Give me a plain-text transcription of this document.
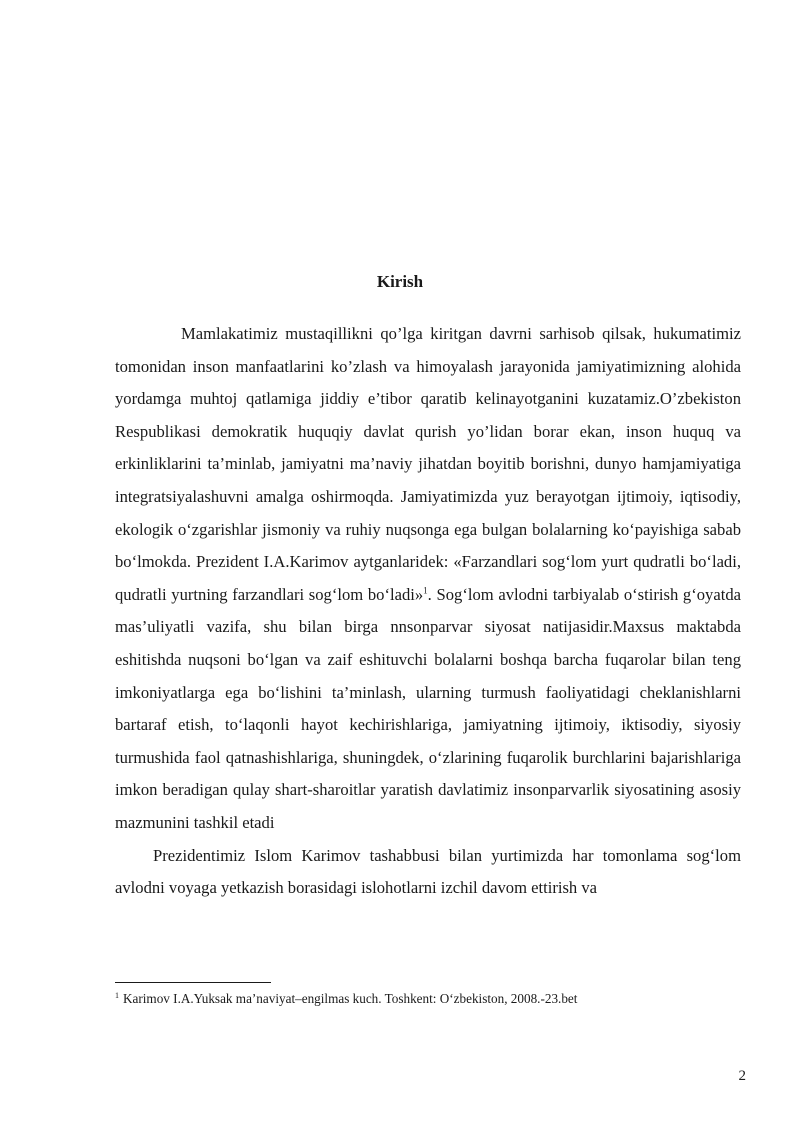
Kirish

Mamlakatimiz mustaqillikni qo’lga kiritgan davrni sarhisob qilsak, hukumatimiz tomonidan inson manfaatlarini ko’zlash va himoyalash jarayonida jamiyatimizning alohida yordamga muhtoj qatlamiga jiddiy e’tibor qaratib kelinayotganini kuzatamiz.O’zbekiston Respublikasi demokratik huquqiy davlat qurish yo’lidan borar ekan, inson huquq va erkinliklarini ta’minlab, jamiyatni ma’naviy jihatdan boyitib borishni, dunyo hamjamiyatiga integratsiyalashuvni amalga oshirmoqda. Jamiyatimizda yuz berayotgan ijtimoiy, iqtisodiy, ekologik o‘zgarishlar jismoniy va ruhiy nuqsonga ega bulgan bolalarning ko‘payishiga sabab bo‘lmokda. Prezident I.A.Karimov aytganlaridek: «Farzandlari sog‘lom yurt qudratli bo‘ladi, qudratli yurtning farzandlari sog‘lom bo‘ladi»$^1$. Sog‘lom avlodni tarbiyalab o‘stirish g‘oyatda mas’uliyatli vazifa, shu bilan birga nnsonparvar siyosat natijasidir.Maxsus maktabda eshitishda nuqsoni bo‘lgan va zaif eshituvchi bolalarni boshqa barcha fuqarolar bilan teng imkoniyatlarga ega bo‘lishini ta’minlash, ularning turmush faoliyatidagi cheklanishlarni bartaraf etish, to‘laqonli hayot kechirishlariga, jamiyatning ijtimoiy, iktisodiy, siyosiy turmushida faol qatnashishlariga, shuningdek, o‘zlarining fuqarolik burchlarini bajarishlariga imkon beradigan qulay shart-sharoitlar yaratish davlatimiz insonparvarlik siyosatining asosiy mazmunini tashkil etadi

Prezidentimiz Islom Karimov tashabbusi bilan yurtimizda har tomonlama sog‘lom avlodni voyaga yetkazish borasidagi islohotlarni izchil davom ettirish va

$^1$ Karimov I.A.Yuksak ma’naviyat–engilmas kuch. Toshkent: O‘zbekiston, 2008.-23.bet
2
